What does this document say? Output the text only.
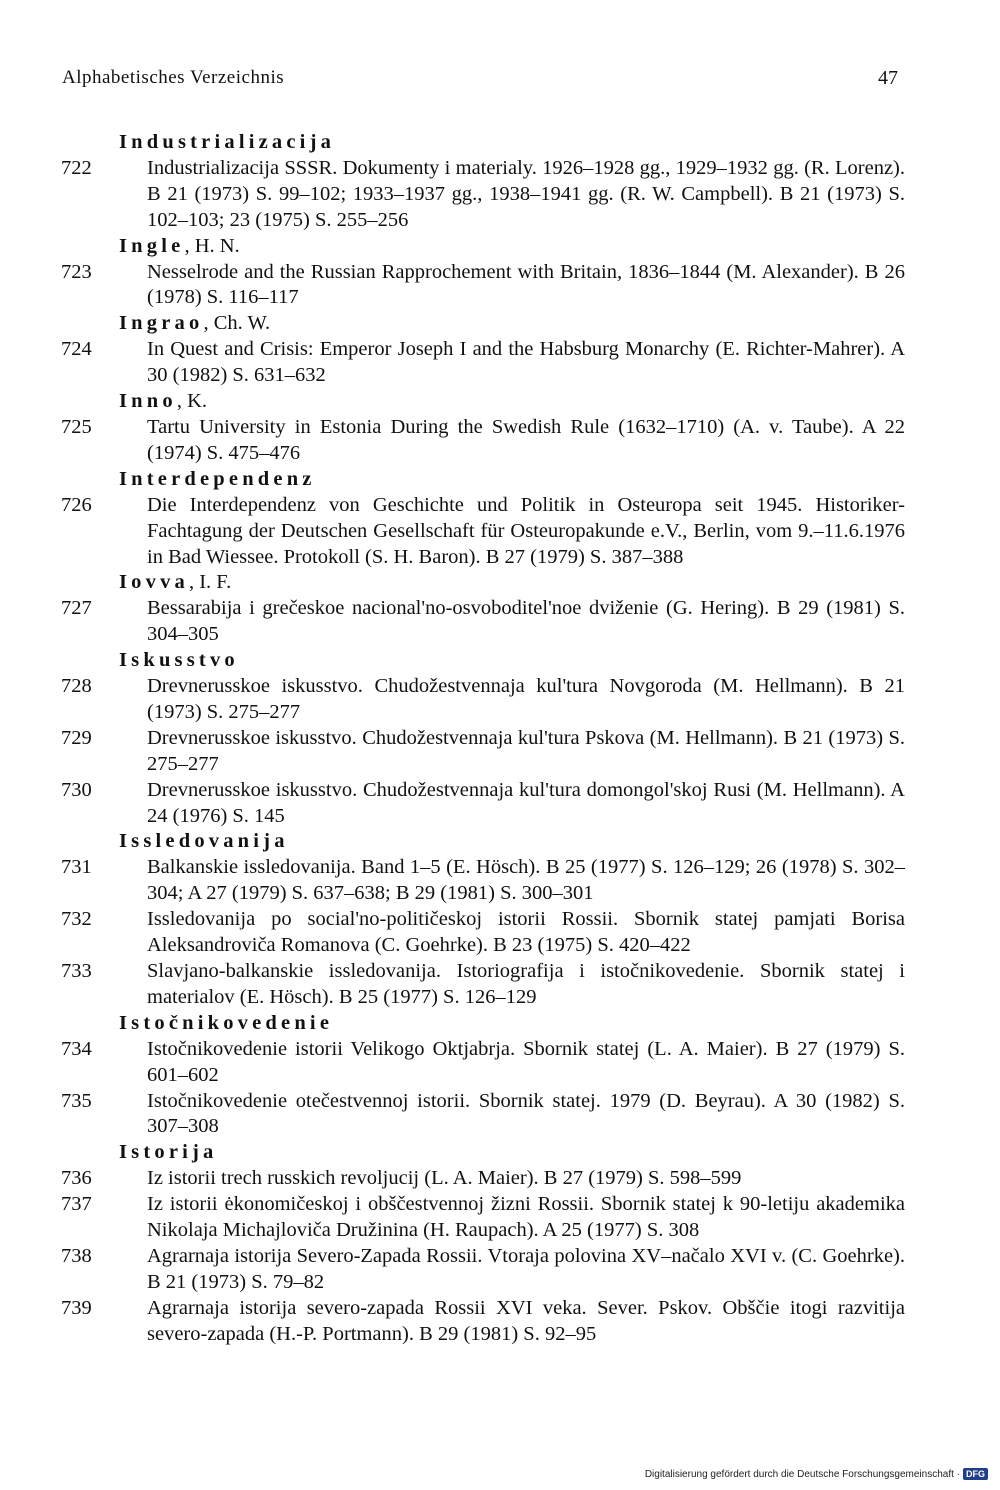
Alphabetisches Verzeichnis	47
Industrializacija
722	Industrializacija SSSR. Dokumenty i materialy. 1926–1928 gg., 1929–1932 gg. (R. Lorenz). B 21 (1973) S. 99–102; 1933–1937 gg., 1938–1941 gg. (R. W. Campbell). B 21 (1973) S. 102–103; 23 (1975) S. 255–256
Ingle, H. N.
723	Nesselrode and the Russian Rapprochement with Britain, 1836–1844 (M. Alexander). B 26 (1978) S. 116–117
Ingrao, Ch. W.
724	In Quest and Crisis: Emperor Joseph I and the Habsburg Monarchy (E. Richter-Mahrer). A 30 (1982) S. 631–632
Inno, K.
725	Tartu University in Estonia During the Swedish Rule (1632–1710) (A. v. Taube). A 22 (1974) S. 475–476
Interdependenz
726	Die Interdependenz von Geschichte und Politik in Osteuropa seit 1945. Historiker-Fachtagung der Deutschen Gesellschaft für Osteuropakunde e.V., Berlin, vom 9.–11.6.1976 in Bad Wiessee. Protokoll (S. H. Baron). B 27 (1979) S. 387–388
Iovva, I. F.
727	Bessarabija i grečeskoe nacional'no-osvoboditel'noe dviženie (G. Hering). B 29 (1981) S. 304–305
Iskusstvo
728	Drevnerusskoe iskusstvo. Chudožestvennaja kul'tura Novgoroda (M. Hellmann). B 21 (1973) S. 275–277
729	Drevnerusskoe iskusstvo. Chudožestvennaja kul'tura Pskova (M. Hellmann). B 21 (1973) S. 275–277
730	Drevnerusskoe iskusstvo. Chudožestvennaja kul'tura domongol'skoj Rusi (M. Hellmann). A 24 (1976) S. 145
Issledovanija
731	Balkanskie issledovanija. Band 1–5 (E. Hösch). B 25 (1977) S. 126–129; 26 (1978) S. 302–304; A 27 (1979) S. 637–638; B 29 (1981) S. 300–301
732	Issledovanija po social'no-političeskoj istorii Rossii. Sbornik statej pamjati Borisa Aleksandroviča Romanova (C. Goehrke). B 23 (1975) S. 420–422
733	Slavjano-balkanskie issledovanija. Istoriografija i istočnikovedenie. Sbornik statej i materialov (E. Hösch). B 25 (1977) S. 126–129
Istočnikovedenie
734	Istočnikovedenie istorii Velikogo Oktjabrja. Sbornik statej (L. A. Maier). B 27 (1979) S. 601–602
735	Istočnikovedenie otečestvennoj istorii. Sbornik statej. 1979 (D. Beyrau). A 30 (1982) S. 307–308
Istorija
736	Iz istorii trech russkich revoljucij (L. A. Maier). B 27 (1979) S. 598–599
737	Iz istorii ėkonomičeskoj i obščestvennoj žizni Rossii. Sbornik statej k 90-letiju akademika Nikolaja Michajloviča Družinina (H. Raupach). A 25 (1977) S. 308
738	Agrarnaja istorija Severo-Zapada Rossii. Vtoraja polovina XV–načalo XVI v. (C. Goehrke). B 21 (1973) S. 79–82
739	Agrarnaja istorija severo-zapada Rossii XVI veka. Sever. Pskov. Obščie itogi razvitija severo-zapada (H.-P. Portmann). B 29 (1981) S. 92–95
Digitalisierung gefördert durch die Deutsche Forschungsgemeinschaft · DFG
